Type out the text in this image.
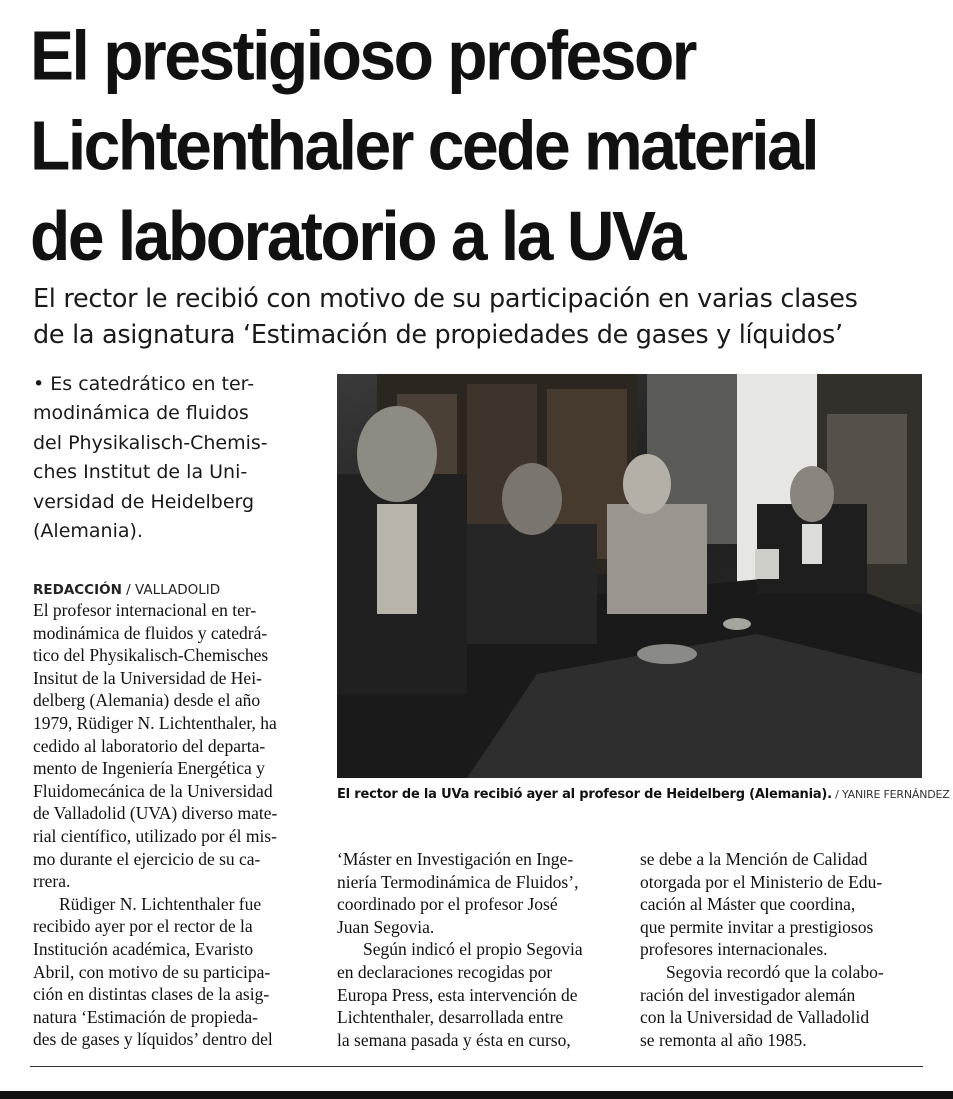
El prestigioso profesor
Lichtenthaler cede material
de laboratorio a la UVa
El rector le recibió con motivo de su participación en varias clases
de la asignatura ‘Estimación de propiedades de gases y líquidos’
• Es catedrático en ter-
modinámica de fluidos
del Physikalisch-Chemis-
ches Institut de la Uni-
versidad de Heidelberg
(Alemania).
REDACCIÓN / VALLADOLID
El profesor internacional en ter-
modinámica de fluidos y catedrá-
tico del Physikalisch-Chemisches
Insitut de la Universidad de Hei-
delberg (Alemania) desde el año
1979, Rüdiger N. Lichtenthaler, ha
cedido al laboratorio del departa-
mento de Ingeniería Energética y
Fluidomecánica de la Universidad
de Valladolid (UVA) diverso mate-
rial científico, utilizado por él mis-
mo durante el ejercicio de su ca-
rrera.
Rüdiger N. Lichtenthaler fue
recibido ayer por el rector de la
Institución académica, Evaristo
Abril, con motivo de su participa-
ción en distintas clases de la asig-
natura ‘Estimación de propieda-
des de gases y líquidos’ dentro del
El rector de la UVa recibió ayer al profesor de Heidelberg (Alemania). / YANIRE FERNÁNDEZ
‘Máster en Investigación en Inge-
niería Termodinámica de Fluidos’,
coordinado por el profesor José
Juan Segovia.
Según indicó el propio Segovia
en declaraciones recogidas por
Europa Press, esta intervención de
Lichtenthaler, desarrollada entre
la semana pasada y ésta en curso,
se debe a la Mención de Calidad
otorgada por el Ministerio de Edu-
cación al Máster que coordina,
que permite invitar a prestigiosos
profesores internacionales.
Segovia recordó que la colabo-
ración del investigador alemán
con la Universidad de Valladolid
se remonta al año 1985.
